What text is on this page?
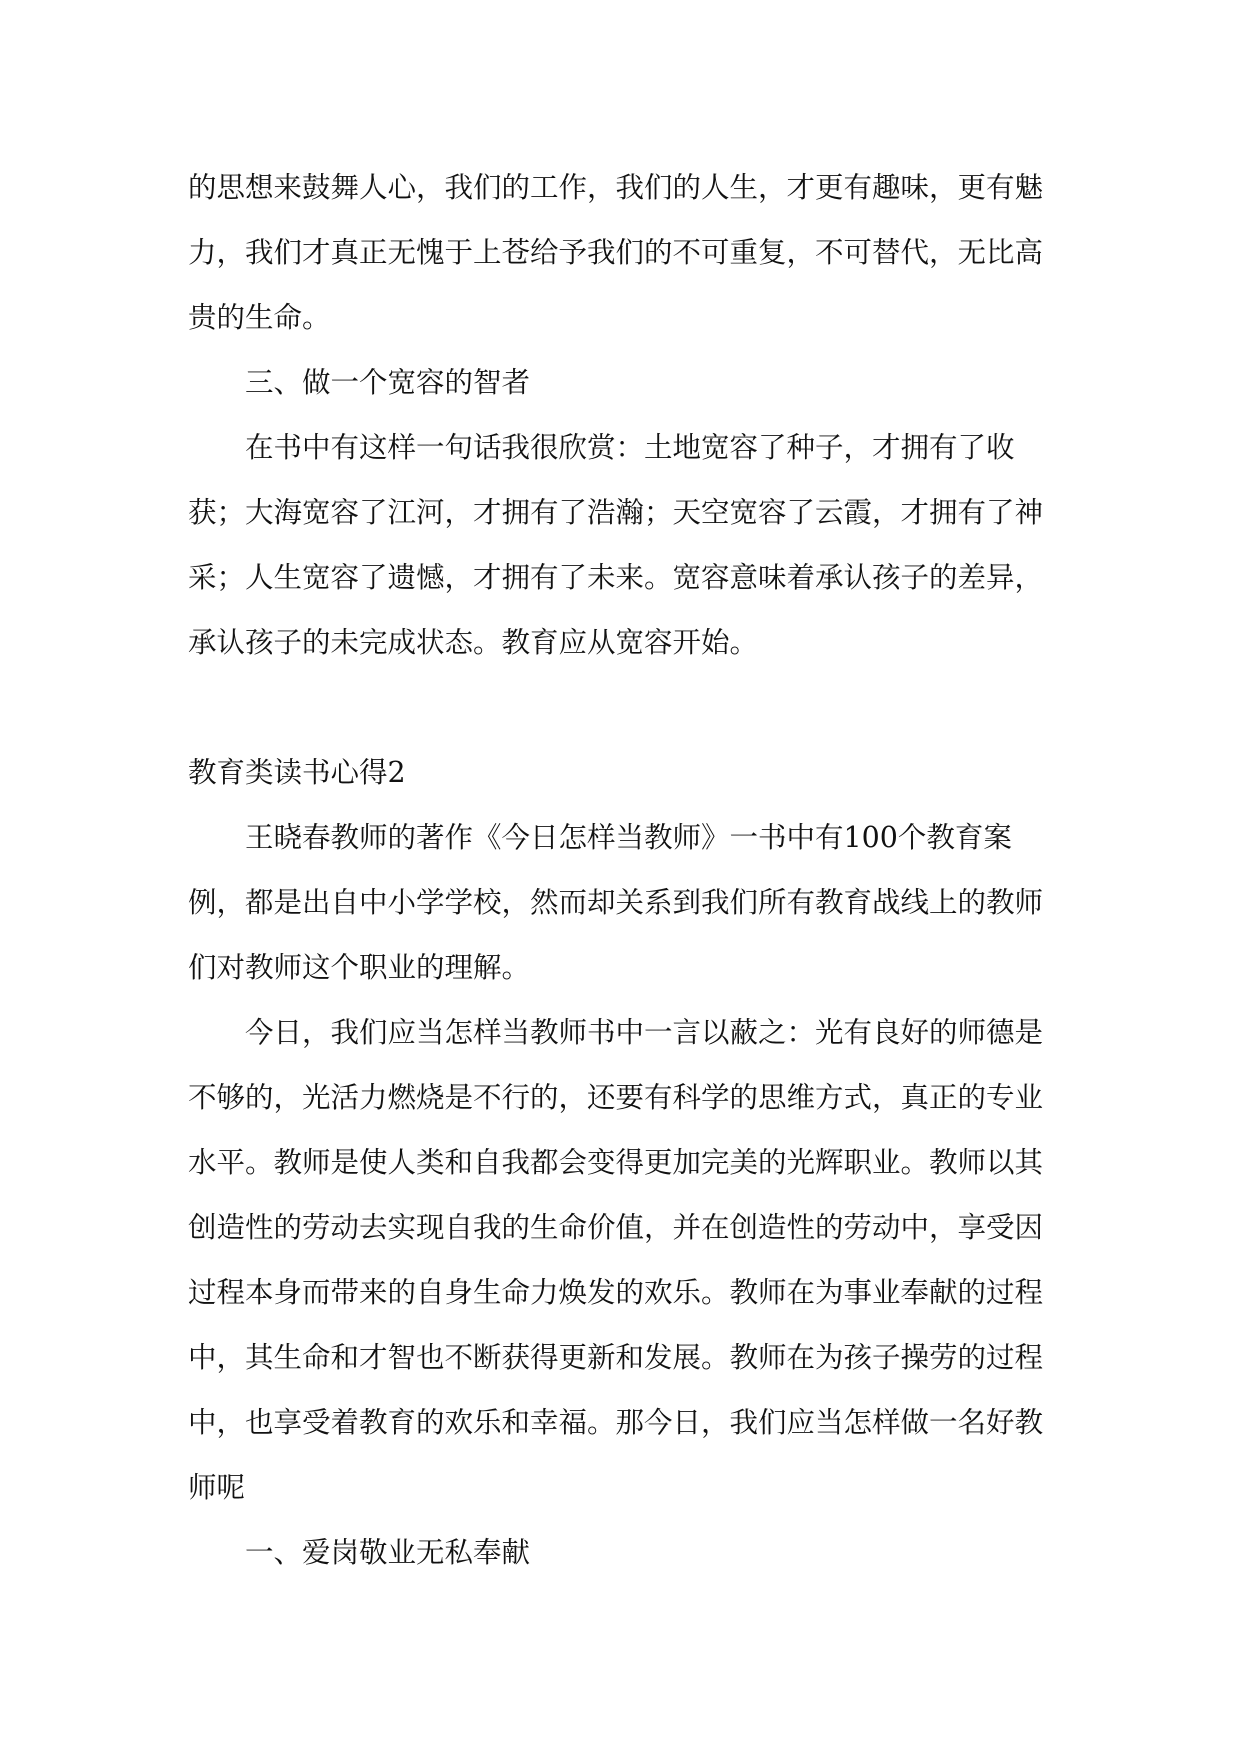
的思想来鼓舞人心，我们的工作，我们的人生，才更有趣味，更有魅力，我们才真正无愧于上苍给予我们的不可重复，不可替代，无比高贵的生命。

三、做一个宽容的智者

在书中有这样一句话我很欣赏：土地宽容了种子，才拥有了收获；大海宽容了江河，才拥有了浩瀚；天空宽容了云霞，才拥有了神采；人生宽容了遗憾，才拥有了未来。宽容意味着承认孩子的差异，承认孩子的未完成状态。教育应从宽容开始。

教育类读书心得2

王晓春教师的著作《今日怎样当教师》一书中有100个教育案例，都是出自中小学学校，然而却关系到我们所有教育战线上的教师们对教师这个职业的理解。

今日，我们应当怎样当教师书中一言以蔽之：光有良好的师德是不够的，光活力燃烧是不行的，还要有科学的思维方式，真正的专业水平。教师是使人类和自我都会变得更加完美的光辉职业。教师以其创造性的劳动去实现自我的生命价值，并在创造性的劳动中，享受因过程本身而带来的自身生命力焕发的欢乐。教师在为事业奉献的过程中，其生命和才智也不断获得更新和发展。教师在为孩子操劳的过程中，也享受着教育的欢乐和幸福。那今日，我们应当怎样做一名好教师呢

一、爱岗敬业无私奉献
